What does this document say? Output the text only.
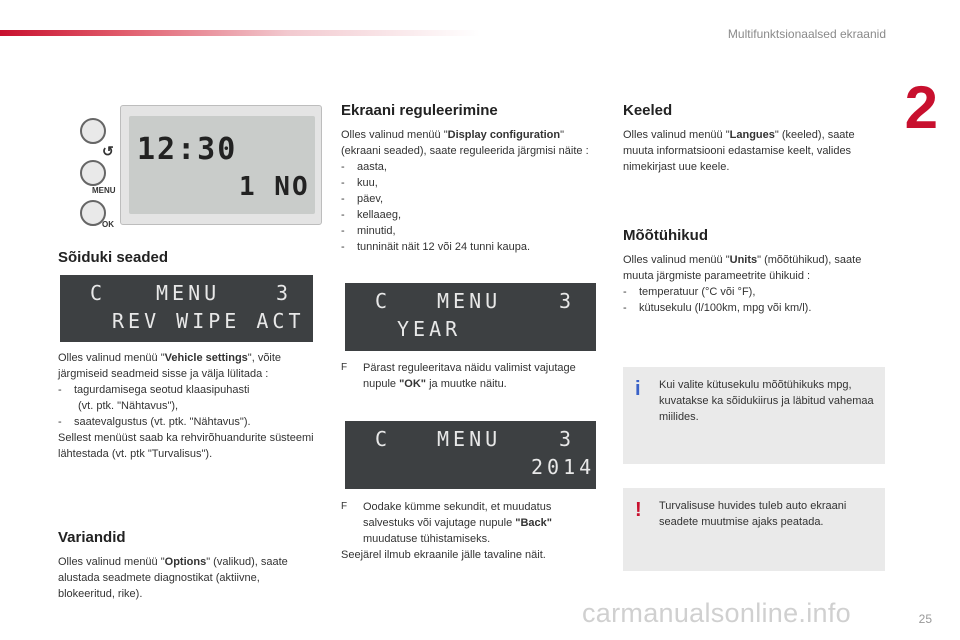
Multifunktsionaalsed ekraanid
2
12:30
1 NO
↺
MENU
OK
Sõiduki seaded
C MENU	3
REV WIPE ACT

Olles valinud menüü "Vehicle settings", võite järgmiseid seadmeid sisse ja välja lülitada :

-	tagurdamisega seotud klaasipuhasti
(vt. ptk. "Nähtavus"),
-	saatevalgustus (vt. ptk. "Nähtavus").

Sellest menüüst saab ka rehvirõhuandurite süsteemi lähtestada (vt. ptk "Turvalisus").

Variandid

Olles valinud menüü "Options" (valikud), saate alustada seadmete diagnostikat (aktiivne, blokeeritud, rike).

Ekraani reguleerimine

Olles valinud menüü "Display configuration" (ekraani seaded), saate reguleerida järgmisi näite :

-	aasta,
-	kuu,
-	päev,
-	kellaaeg,
-	minutid,
-	tunninäit näit 12 või 24 tunni kaupa.
C MENU	3
YEAR
F	Pärast reguleeritava näidu valimist vajutage nupule "OK" ja muutke näitu.
C MENU	3
2014
F	Oodake kümme sekundit, et muudatus salvestuks või vajutage nupule "Back" muudatuse tühistamiseks.

Seejärel ilmub ekraanile jälle tavaline näit.

Keeled

Olles valinud menüü "Langues" (keeled), saate muuta informatsiooni edastamise keelt, valides nimekirjast uue keele.

Mõõtühikud

Olles valinud menüü "Units" (mõõtühikud), saate muuta järgmiste parameetrite ühikuid :

-	temperatuur (°C või °F),
-	kütusekulu (l/100km, mpg või km/l).
i Kui valite kütusekulu mõõtühikuks mpg, kuvatakse ka sõidukiirus ja läbitud vahemaa miilides.

! Turvalisuse huvides tuleb auto ekraani seadete muutmise ajaks peatada.

carmanualsonline.info	25
